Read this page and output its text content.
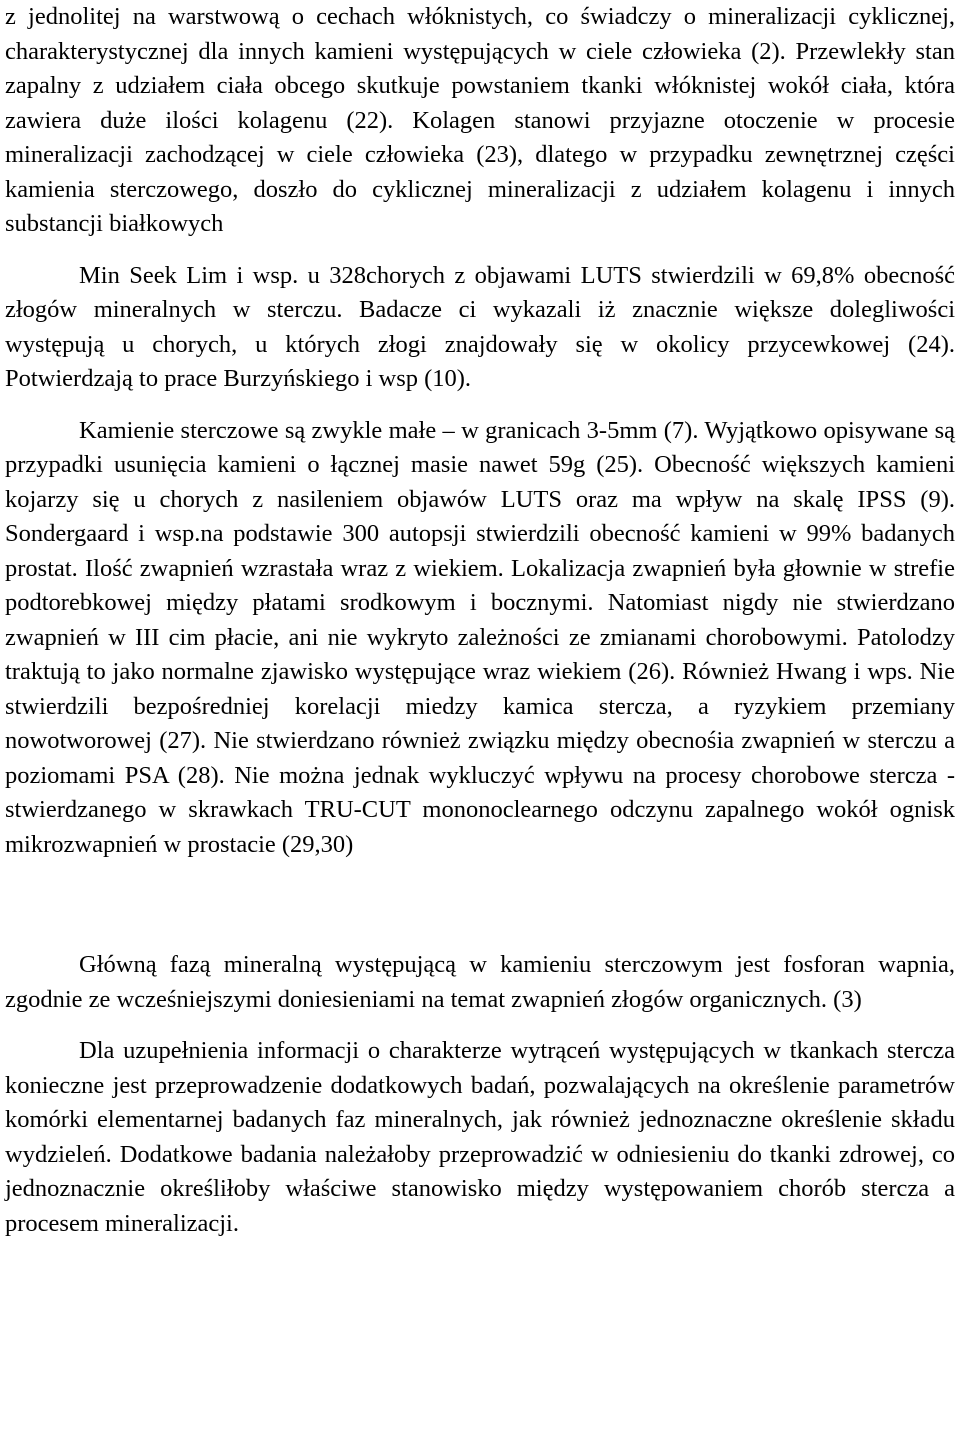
z jednolitej na warstwową o cechach włóknistych, co świadczy o mineralizacji cyklicznej, charakterystycznej dla innych kamieni występujących w ciele człowieka (2). Przewlekły stan zapalny z udziałem ciała obcego skutkuje powstaniem tkanki włóknistej wokół ciała, która zawiera duże ilości kolagenu (22). Kolagen stanowi przyjazne otoczenie w procesie mineralizacji zachodzącej w ciele człowieka (23), dlatego w przypadku zewnętrznej części kamienia sterczowego, doszło do cyklicznej mineralizacji z udziałem kolagenu i innych substancji białkowych

Min Seek Lim i wsp. u 328chorych z objawami LUTS stwierdzili w 69,8% obecność złogów mineralnych w sterczu. Badacze ci wykazali iż znacznie większe dolegliwości występują u chorych, u których złogi znajdowały się w okolicy przycewkowej (24). Potwierdzają to prace Burzyńskiego i wsp (10).

Kamienie sterczowe są zwykle małe – w granicach 3-5mm (7). Wyjątkowo opisywane są przypadki usunięcia kamieni o łącznej masie nawet 59g (25). Obecność większych kamieni kojarzy się u chorych z nasileniem objawów LUTS oraz ma wpływ na skalę IPSS (9). Sondergaard i wsp.na podstawie 300 autopsji stwierdzili obecność kamieni w 99% badanych prostat. Ilość zwapnień wzrastała wraz z wiekiem. Lokalizacja zwapnień była głownie w strefie podtorebkowej między płatami srodkowym i bocznymi. Natomiast nigdy nie stwierdzano zwapnień w III cim płacie, ani nie wykryto zależności ze zmianami chorobowymi. Patolodzy traktują to jako normalne zjawisko występujące wraz wiekiem (26). Również Hwang i wps. Nie stwierdzili bezpośredniej korelacji miedzy kamica stercza, a ryzykiem przemiany nowotworowej (27). Nie stwierdzano również związku między obecnośia zwapnień w sterczu a poziomami PSA (28). Nie można jednak wykluczyć wpływu na procesy chorobowe stercza - stwierdzanego w skrawkach TRU-CUT mononoclearnego odczynu zapalnego wokół ognisk mikrozwapnień w prostacie (29,30)

Główną fazą mineralną występującą w kamieniu sterczowym jest fosforan wapnia, zgodnie ze wcześniejszymi doniesieniami na temat zwapnień złogów organicznych. (3)

Dla uzupełnienia informacji o charakterze wytrąceń występujących w tkankach stercza konieczne jest przeprowadzenie dodatkowych badań, pozwalających na określenie parametrów komórki elementarnej badanych faz mineralnych, jak również jednoznaczne określenie składu wydzieleń. Dodatkowe badania należałoby przeprowadzić w odniesieniu do tkanki zdrowej, co jednoznacznie określiłoby właściwe stanowisko między występowaniem chorób stercza a procesem mineralizacji.
